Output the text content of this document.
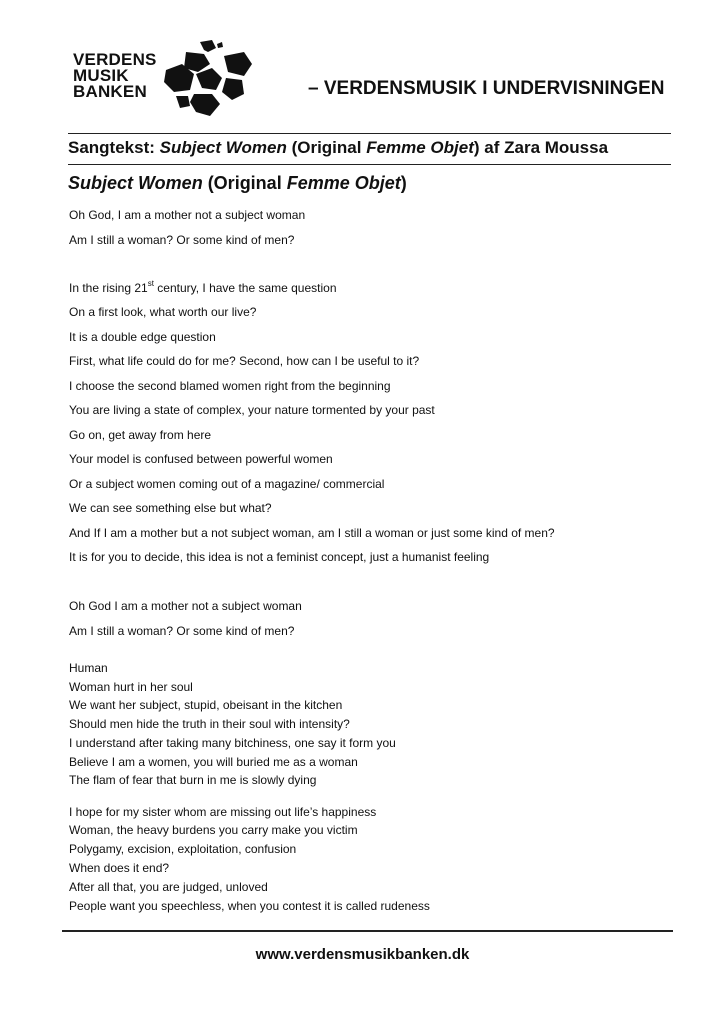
VERDENS
MUSIK
BANKEN	– VERDENSMUSIK I UNDERVISNINGEN
Sangtekst: Subject Women (Original Femme Objet) af Zara Moussa
Subject Women (Original Femme Objet)
Oh God, I am a mother not a subject woman
Am I still a woman? Or some kind of men?
In the rising 21st century, I have the same question
On a first look, what worth our live?
It is a double edge question
First, what life could do for me? Second, how can I be useful to it?
I choose the second blamed women right from the beginning
You are living a state of complex, your nature tormented by your past
Go on, get away from here
Your model is confused between powerful women
Or a subject women coming out of a magazine/ commercial
We can see something else but what?
And If I am a mother but a not subject woman, am I still a woman or just some kind of men?
It is for you to decide, this idea is not a feminist concept, just a humanist feeling
Oh God I am a mother not a subject woman
Am I still a woman? Or some kind of men?
Human
Woman hurt in her soul
We want her subject, stupid, obeisant in the kitchen
Should men hide the truth in their soul with intensity?
I understand after taking many bitchiness, one say it form you
Believe I am a women, you will buried me as a woman
The flam of fear that burn in me is slowly dying
I hope for my sister whom are missing out life’s happiness
Woman, the heavy burdens you carry make you victim
Polygamy, excision, exploitation, confusion
When does it end?
After all that, you are judged, unloved
People want you speechless, when you contest it is called rudeness
www.verdensmusikbanken.dk
